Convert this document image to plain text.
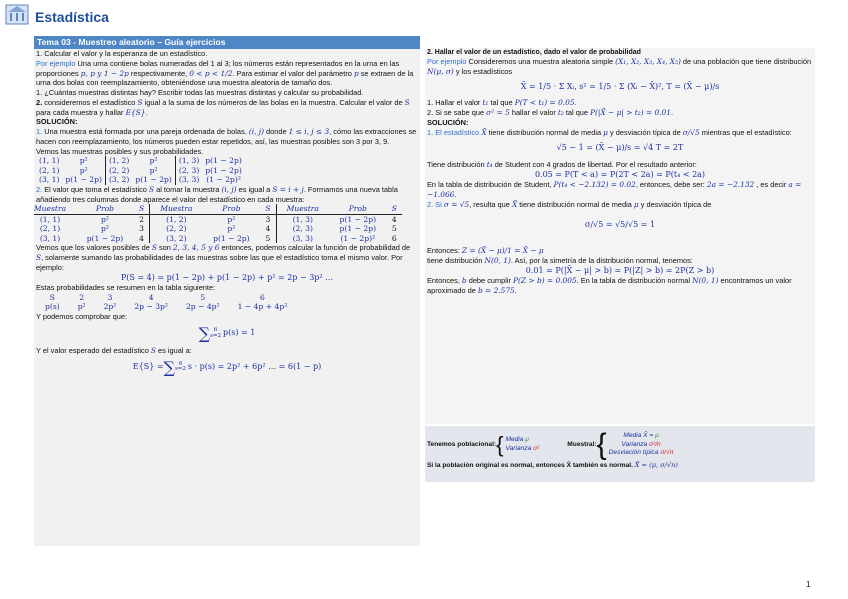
Estadística
Tema 03 - Muestreo aleatorio – Guía ejercicios
1. Calcular el valor y la esperanza de un estadístico.
Por ejemplo Una urna contiene bolas numeradas del 1 al 3; los números están representados en la urna en las proporciones p, p y 1 − 2p respectivamente, 0 < p < 1/2. Para estimar el valor del parámetro p se extraen de la urna dos bolas con reemplazamiento, obteniéndose una muestra aleatoria de tamaño dos.
1. ¿Cuántas muestras distintas hay? Escribir todas las muestras distintas y calcular su probabilidad.
2. consideremos el estadístico S igual a la suma de los números de las bolas en la muestra. Calcular el valor de S para cada muestra y hallar E{S}.
SOLUCIÓN:
1. Una muestra está formada por una pareja ordenada de bolas. (i, j) donde 1 ≤ i, j ≤ 3, cómo las extracciones se hacen con reemplazamiento, los números pueden estar repetidos, así, las muestras posibles son 3 por 3, 9.
Vemos las muestras posibles y sus probabilidades.
(1, 1)	p²	(1, 2)	p²	(1, 3)	p(1 − 2p)
(2, 1)	p²	(2, 2)	p²	(2, 3)	p(1 − 2p)
(3, 1)	p(1 − 2p)	(3, 2)	p(1 − 2p)	(3, 3)	(1 − 2p)²
2. El valor que toma el estadístico S al tomar la muestra (i, j) es igual a S = i + j. Formamos una nueva tabla añadiendo tres columnas donde aparece el valor del estadístico en cada muestra:
Muestra	Prob	S	Muestra	Prob	S	Muestra	Prob	S
(1, 1)	p²	2	(1, 2)	p²	3	(1, 3)	p(1 − 2p)	4
(2, 1)	p²	3	(2, 2)	p²	4	(2, 3)	p(1 − 2p)	5
(3, 1)	p(1 − 2p)	4	(3, 2)	p(1 − 2p)	5	(3, 3)	(1 − 2p)²	6
Vemos que los valores posibles de S son 2, 3, 4, 5 y 6 entonces, podemos calcular la función de probabilidad de S, solamente sumando las probabilidades de las muestras sobre las que el estadístico toma el mismo valor. Por ejemplo:
P(S = 4) = p(1 − 2p) + p(1 − 2p) + p² = 2p − 3p² …
Estas probabilidades se resumen en la tabla siguiente:
S	2	3	4	5	6
p(s)	p²	2p²	2p − 3p²	2p − 4p²	1 − 4p + 4p²
Y podemos comprobar que:
∑ 6
s=2 p(s) = 1
Y el valor esperado del estadístico S es igual a:
E{S} = ∑ 6
s=2 s · p(s) = 2p² + 6p² … = 6(1 − p)
2. Hallar el valor de un estadístico, dado el valor de probabilidad
Por ejemplo Consideremos una muestra aleatoria simple (X₁, X₂, X₃, X₄, X₅) de una población que tiene distribución N(μ, σ) y los estadísticos
X̄ = 1/5 · Σ Xᵢ, s² = 1/5 · Σ (Xᵢ − X̄)², T = (X̄ − μ)/s
1. Hallar el valor t₁ tal que P(T < t₁) = 0.05.
2. Si se sabe que σ² = 5 hallar el valor t₂ tal que P(|X̄ − μ| > t₂) = 0.01.
SOLUCIÓN:
1. El estadístico X̄ tiene distribución normal de media μ y desviación típica de σ/√5 mientras que el estadístico:
√5 − 1 = (X̄ − μ)/s = √4 T = 2T
Tiene distribución t₄ de Student con 4 grados de libertad. Por el resultado anterior:
0.05 = P(T < a) = P(2T < 2a) = P(t₄ < 2a)
En la tabla de distribución de Student, P(t₄ < −2.132) = 0.02, entonces, debe ser: 2a = −2.132 , es decir a = −1.066.
2. Si σ = √5, resulta que X̄ tiene distribución normal de media μ y desviación típica de
σ/√5 = √5/√5 = 1
Entonces: Z = (X̄ − μ)/1 = X̄ − μ
tiene distribución N(0, 1). Así, por la simetría de la distribución normal, tenemos:
0.01 = P(|X̄ − μ| > b) = P(|Z| > b) = 2P(Z > b)
Entonces, b debe cumplir P(Z > b) = 0.005. En la tabla de distribución normal N(0, 1) encontramos un valor aproximado de b = 2.575.
Tenemos poblacional: { Media μ
Varianza σ²
Muestral: {	Media X̄ = μ
Varianza σ²/n
Desviación típica σ/√n
Si la población original es normal, entonces X̄ también es normal. X̄ = (μ, σ/√n)
1
